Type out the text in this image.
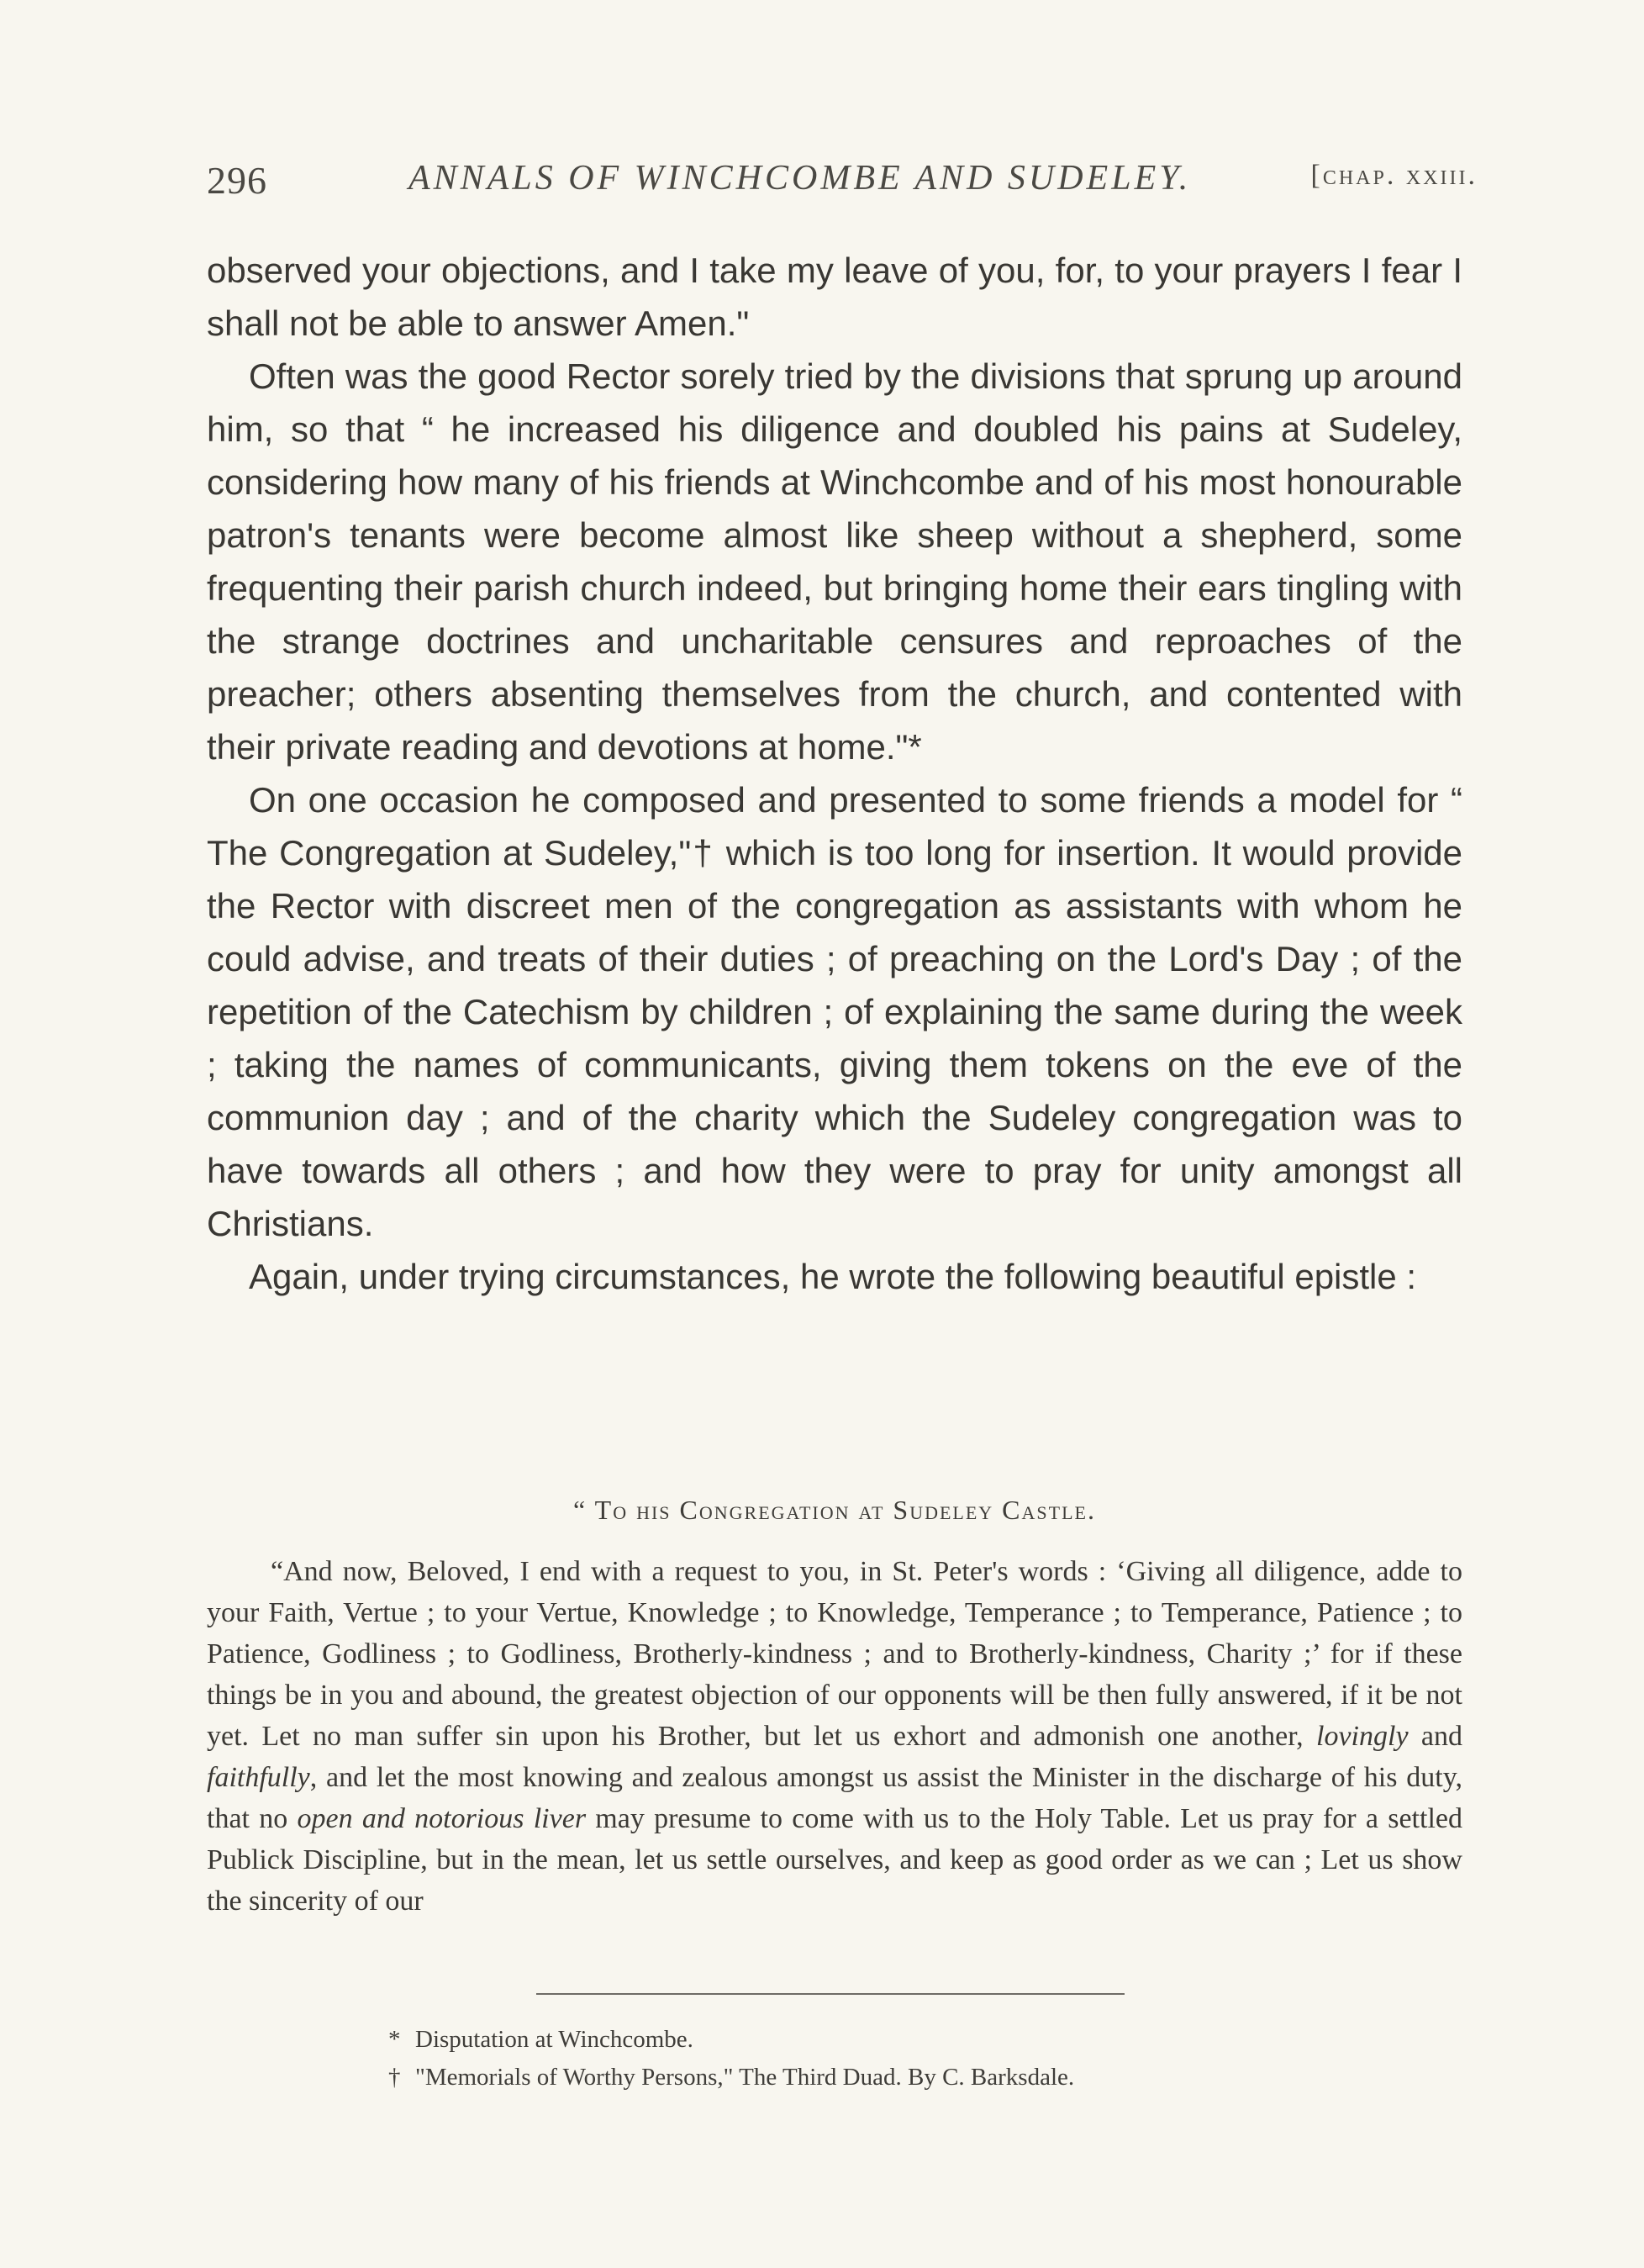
296	ANNALS OF WINCHCOMBE AND SUDELEY.	[chap. xxiii.

observed your objections, and I take my leave of you, for, to your prayers I fear I shall not be able to answer Amen."

Often was the good Rector sorely tried by the divisions that sprung up around him, so that “ he increased his diligence and doubled his pains at Sudeley, considering how many of his friends at Winchcombe and of his most honourable patron's tenants were become almost like sheep without a shepherd, some frequenting their parish church indeed, but bringing home their ears tingling with the strange doctrines and uncharitable censures and reproaches of the preacher; others absenting themselves from the church, and contented with their private reading and devotions at home."*

On one occasion he composed and presented to some friends a model for “ The Congregation at Sudeley,"† which is too long for insertion. It would provide the Rector with discreet men of the congregation as assistants with whom he could advise, and treats of their duties ; of preaching on the Lord's Day ; of the repetition of the Catechism by children ; of explaining the same during the week ; taking the names of communicants, giving them tokens on the eve of the communion day ; and of the charity which the Sudeley congregation was to have towards all others ; and how they were to pray for unity amongst all Christians.

Again, under trying circumstances, he wrote the following beautiful epistle :

“ To his Congregation at Sudeley Castle.

“And now, Beloved, I end with a request to you, in St. Peter's words : ‘Giving all diligence, adde to your Faith, Vertue ; to your Vertue, Knowledge ; to Knowledge, Temperance ; to Temperance, Patience ; to Patience, Godliness ; to Godliness, Brotherly-kindness ; and to Brotherly-kindness, Charity ;’ for if these things be in you and abound, the greatest objection of our opponents will be then fully answered, if it be not yet. Let no man suffer sin upon his Brother, but let us exhort and admonish one another, lovingly and faithfully, and let the most knowing and zealous amongst us assist the Minister in the discharge of his duty, that no open and notorious liver may presume to come with us to the Holy Table. Let us pray for a settled Publick Discipline, but in the mean, let us settle ourselves, and keep as good order as we can ; Let us show the sincerity of our

* Disputation at Winchcombe.

† "Memorials of Worthy Persons," The Third Duad. By C. Barksdale.
